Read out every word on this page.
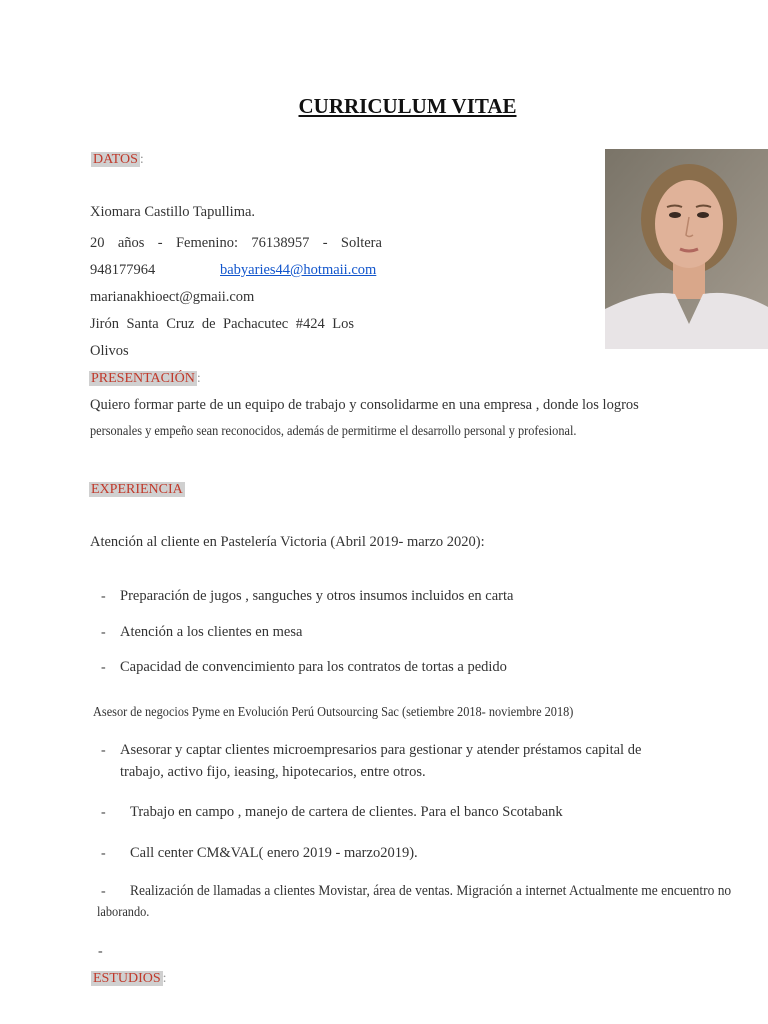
CURRICULUM VITAE
DATOS :
Xiomara Castillo Tapullima.
20 años - Femenino: 76138957 - Soltera
948177964	babyaries44@hotmaii.com
marianakhioect@gmaii.com
Jirón Santa Cruz de Pachacutec #424 Los
Olivos
PRESENTACIÓN :
Quiero formar parte de un equipo de trabajo y consolidarme en una empresa , donde los logros
personales y empeño sean reconocidos, además de permitirme el desarrollo personal y profesional.
EXPERIENCIA
Atención al cliente en Pastelería Victoria (Abril 2019- marzo 2020):
- Preparación de jugos , sanguches y otros insumos incluidos en carta
- Atención a los clientes en mesa
- Capacidad de convencimiento para los contratos de tortas a pedido
Asesor de negocios Pyme en Evolución Perú Outsourcing Sac (setiembre 2018- noviembre 2018)
- Asesorar y captar clientes microempresarios para gestionar y atender préstamos capital de
trabajo, activo fijo, ieasing, hipotecarios, entre otros.
- Trabajo en campo , manejo de cartera de clientes. Para el banco Scotabank
- Call center CM&VAL( enero 2019 - marzo2019).
- Realización de llamadas a clientes Movistar, área de ventas. Migración a internet Actualmente me encuentro no
laborando.
-
ESTUDIOS :
